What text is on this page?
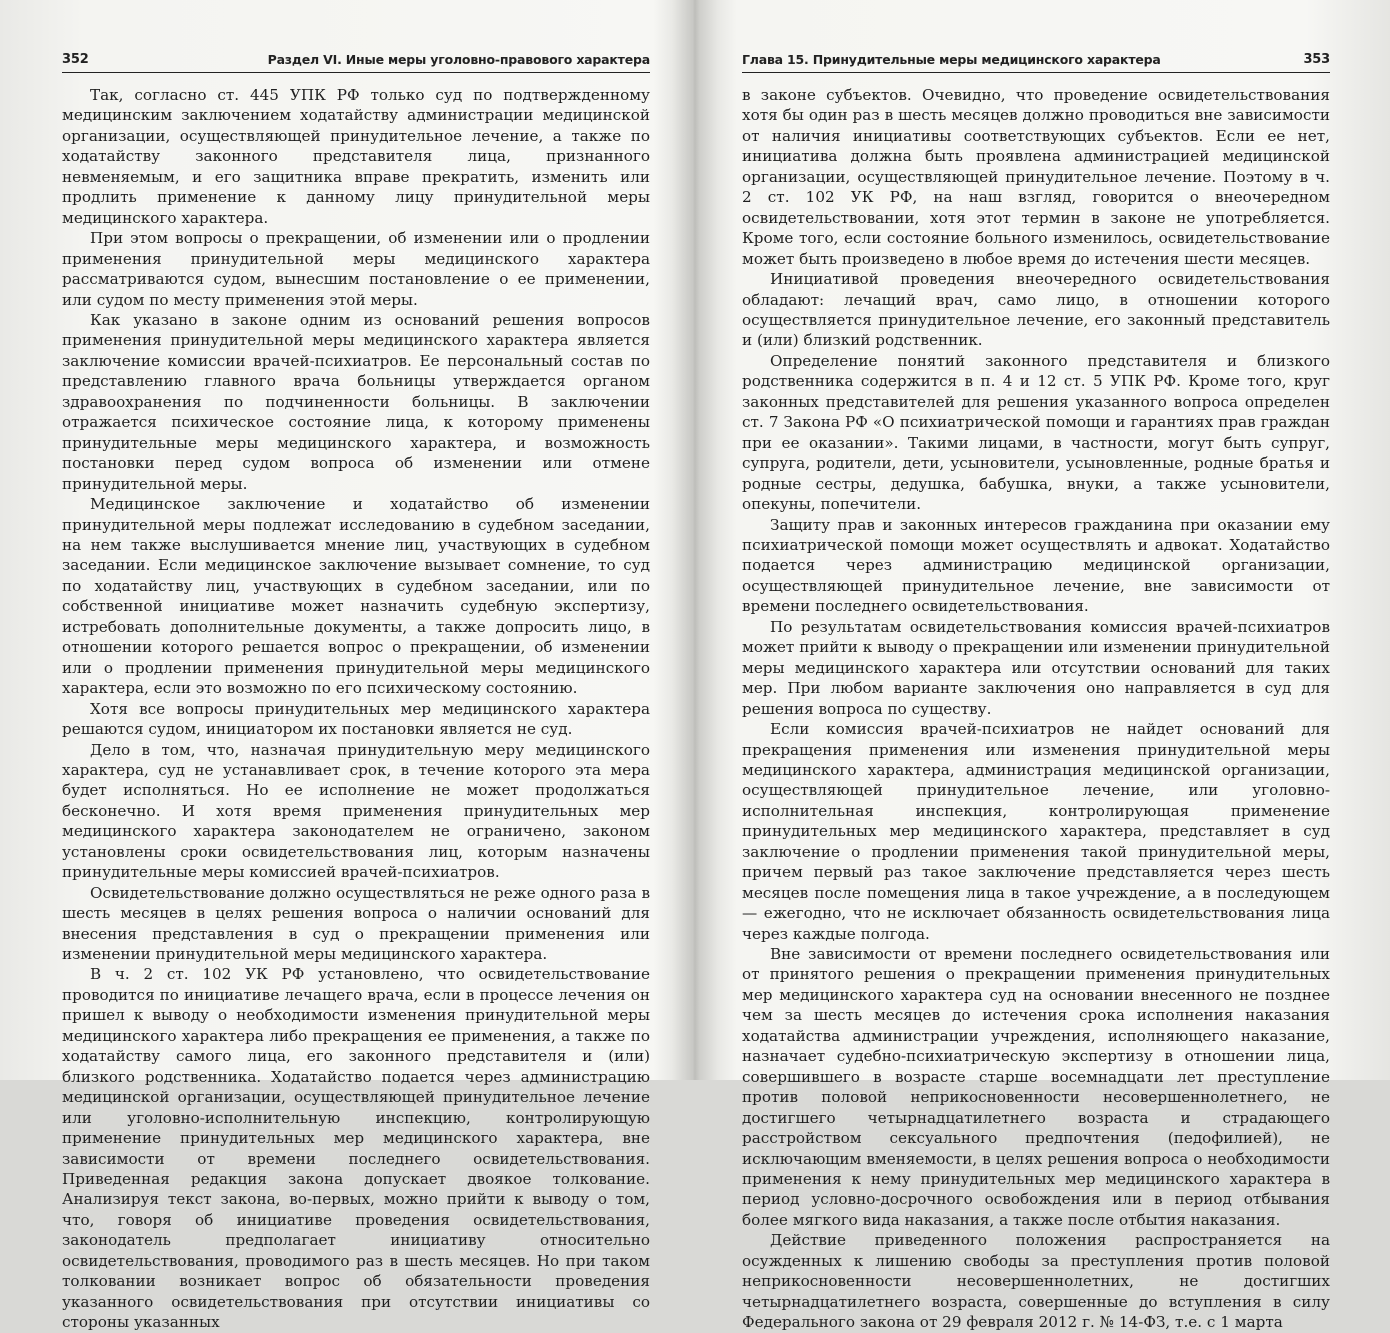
352	Раздел VI. Иные меры уголовно-правового характера

Так, согласно ст. 445 УПК РФ только суд по подтвержденному медицинским заключением ходатайству администрации медицинской организации, осуществляющей принудительное лечение, а также по ходатайству законного представителя лица, признанного невменяемым, и его защитника вправе прекратить, изменить или продлить применение к данному лицу принудительной меры медицинского характера.

При этом вопросы о прекращении, об изменении или о продлении применения принудительной меры медицинского характера рассматриваются судом, вынесшим постановление о ее применении, или судом по месту применения этой меры.

Как указано в законе одним из оснований решения вопросов применения принудительной меры медицинского характера является заключение комиссии врачей-психиатров. Ее персональный состав по представлению главного врача больницы утверждается органом здравоохранения по подчиненности больницы. В заключении отражается психическое состояние лица, к которому применены принудительные меры медицинского характера, и возможность постановки перед судом вопроса об изменении или отмене принудительной меры.

Медицинское заключение и ходатайство об изменении принудительной меры подлежат исследованию в судебном заседании, на нем также выслушивается мнение лиц, участвующих в судебном заседании. Если медицинское заключение вызывает сомнение, то суд по ходатайству лиц, участвующих в судебном заседании, или по собственной инициативе может назначить судебную экспертизу, истребовать дополнительные документы, а также допросить лицо, в отношении которого решается вопрос о прекращении, об изменении или о продлении применения принудительной меры медицинского характера, если это возможно по его психическому состоянию.

Хотя все вопросы принудительных мер медицинского характера решаются судом, инициатором их постановки является не суд.

Дело в том, что, назначая принудительную меру медицинского характера, суд не устанавливает срок, в течение которого эта мера будет исполняться. Но ее исполнение не может продолжаться бесконечно. И хотя время применения принудительных мер медицинского характера законодателем не ограничено, законом установлены сроки освидетельствования лиц, которым назначены принудительные меры комиссией врачей-психиатров.

Освидетельствование должно осуществляться не реже одного раза в шесть месяцев в целях решения вопроса о наличии оснований для внесения представления в суд о прекращении применения или изменении принудительной меры медицинского характера.

В ч. 2 ст. 102 УК РФ установлено, что освидетельствование проводится по инициативе лечащего врача, если в процессе лечения он пришел к выводу о необходимости изменения принудительной меры медицинского характера либо прекращения ее применения, а также по ходатайству самого лица, его законного представителя и (или) близкого родственника. Ходатайство подается через администрацию медицинской организации, осуществляющей принудительное лечение или уголовно-исполнительную инспекцию, контролирующую применение принудительных мер медицинского характера, вне зависимости от времени последнего освидетельствования. Приведенная редакция закона допускает двоякое толкование. Анализируя текст закона, во-первых, можно прийти к выводу о том, что, говоря об инициативе проведения освидетельствования, законодатель предполагает инициативу относительно освидетельствования, проводимого раз в шесть месяцев. Но при таком толковании возникает вопрос об обязательности проведения указанного освидетельствования при отсутствии инициативы со стороны указанных

Глава 15. Принудительные меры медицинского характера	353

в законе субъектов. Очевидно, что проведение освидетельствования хотя бы один раз в шесть месяцев должно проводиться вне зависимости от наличия инициативы соответствующих субъектов. Если ее нет, инициатива должна быть проявлена администрацией медицинской организации, осуществляющей принудительное лечение. Поэтому в ч. 2 ст. 102 УК РФ, на наш взгляд, говорится о внеочередном освидетельствовании, хотя этот термин в законе не употребляется. Кроме того, если состояние больного изменилось, освидетельствование может быть произведено в любое время до истечения шести месяцев.

Инициативой проведения внеочередного освидетельствования обладают: лечащий врач, само лицо, в отношении которого осуществляется принудительное лечение, его законный представитель и (или) близкий родственник.

Определение понятий законного представителя и близкого родственника содержится в п. 4 и 12 ст. 5 УПК РФ. Кроме того, круг законных представителей для решения указанного вопроса определен ст. 7 Закона РФ «О психиатрической помощи и гарантиях прав граждан при ее оказании». Такими лицами, в частности, могут быть супруг, супруга, родители, дети, усыновители, усыновленные, родные братья и родные сестры, дедушка, бабушка, внуки, а также усыновители, опекуны, попечители.

Защиту прав и законных интересов гражданина при оказании ему психиатрической помощи может осуществлять и адвокат. Ходатайство подается через администрацию медицинской организации, осуществляющей принудительное лечение, вне зависимости от времени последнего освидетельствования.

По результатам освидетельствования комиссия врачей-психиатров может прийти к выводу о прекращении или изменении принудительной меры медицинского характера или отсутствии оснований для таких мер. При любом варианте заключения оно направляется в суд для решения вопроса по существу.

Если комиссия врачей-психиатров не найдет оснований для прекращения применения или изменения принудительной меры медицинского характера, администрация медицинской организации, осуществляющей принудительное лечение, или уголовно-исполнительная инспекция, контролирующая применение принудительных мер медицинского характера, представляет в суд заключение о продлении применения такой принудительной меры, причем первый раз такое заключение представляется через шесть месяцев после помещения лица в такое учреждение, а в последующем — ежегодно, что не исключает обязанность освидетельствования лица через каждые полгода.

Вне зависимости от времени последнего освидетельствования или от принятого решения о прекращении применения принудительных мер медицинского характера суд на основании внесенного не позднее чем за шесть месяцев до истечения срока исполнения наказания ходатайства администрации учреждения, исполняющего наказание, назначает судебно-психиатрическую экспертизу в отношении лица, совершившего в возрасте старше восемнадцати лет преступление против половой неприкосновенности несовершеннолетнего, не достигшего четырнадцатилетнего возраста и страдающего расстройством сексуального предпочтения (педофилией), не исключающим вменяемости, в целях решения вопроса о необходимости применения к нему принудительных мер медицинского характера в период условно-досрочного освобождения или в период отбывания более мягкого вида наказания, а также после отбытия наказания.

Действие приведенного положения распространяется на осужденных к лишению свободы за преступления против половой неприкосновенности несовершеннолетних, не достигших четырнадцатилетнего возраста, совершенные до вступления в силу Федерального закона от 29 февраля 2012 г. № 14-ФЗ, т.е. с 1 марта
